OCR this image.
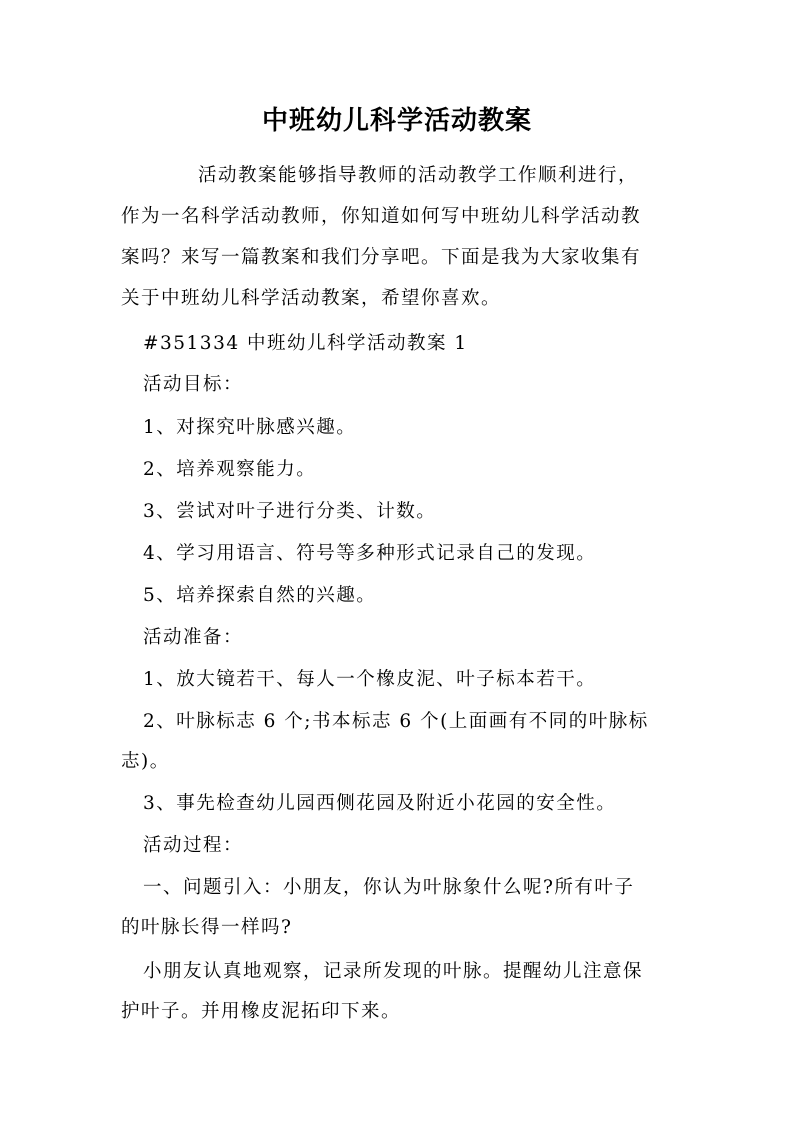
中班幼儿科学活动教案
活动教案能够指导教师的活动教学工作顺利进行，
作为一名科学活动教师，你知道如何写中班幼儿科学活动教
案吗？来写一篇教案和我们分享吧。下面是我为大家收集有
关于中班幼儿科学活动教案，希望你喜欢。
#351334 中班幼儿科学活动教案 1
活动目标：
1、对探究叶脉感兴趣。
2、培养观察能力。
3、尝试对叶子进行分类、计数。
4、学习用语言、符号等多种形式记录自己的发现。
5、培养探索自然的兴趣。
活动准备：
1、放大镜若干、每人一个橡皮泥、叶子标本若干。
2、叶脉标志 6 个;书本标志 6 个(上面画有不同的叶脉标
志)。
3、事先检查幼儿园西侧花园及附近小花园的安全性。
活动过程：
一、问题引入：小朋友，你认为叶脉象什么呢?所有叶子
的叶脉长得一样吗?
小朋友认真地观察，记录所发现的叶脉。提醒幼儿注意保
护叶子。并用橡皮泥拓印下来。
